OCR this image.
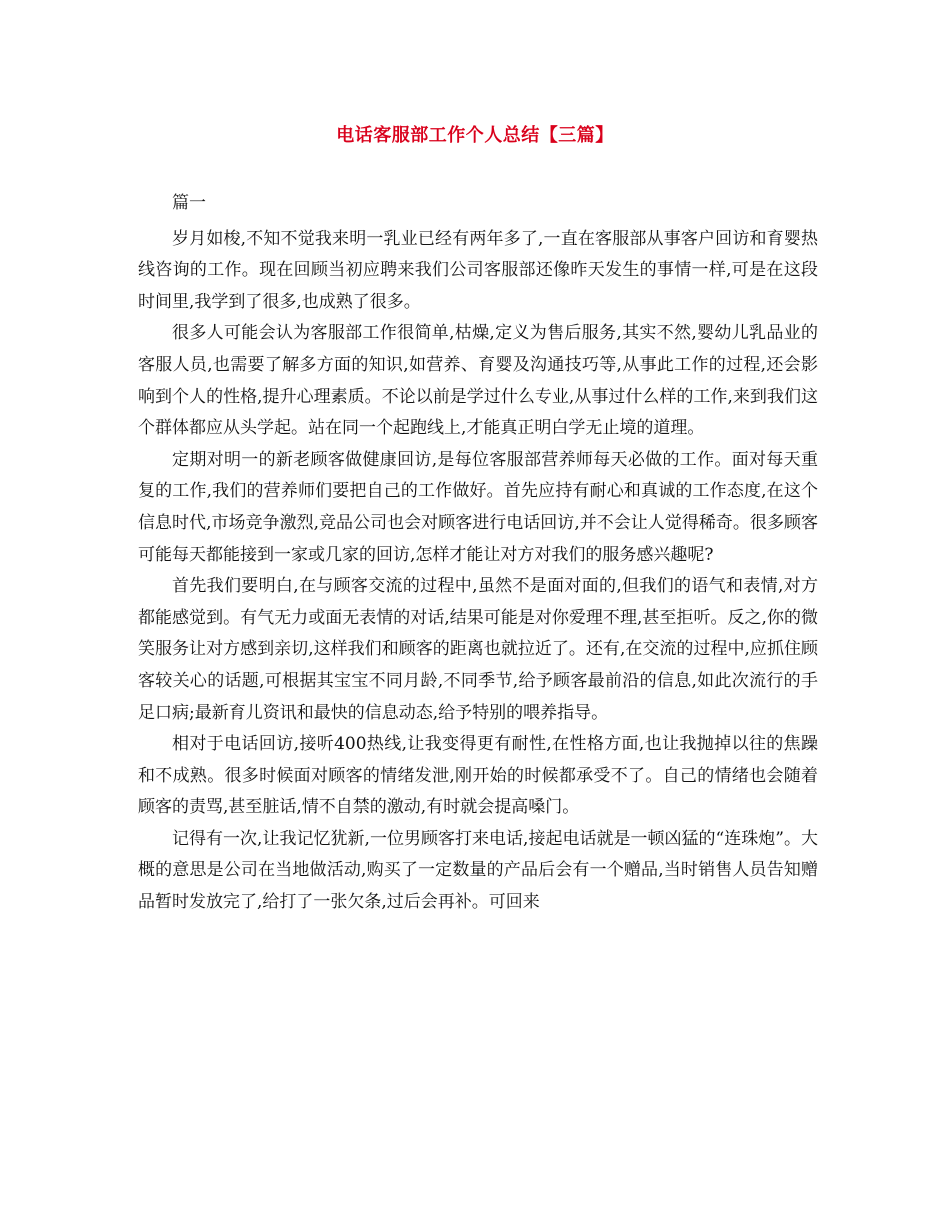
电话客服部工作个人总结【三篇】

篇一

岁月如梭,不知不觉我来明一乳业已经有两年多了,一直在客服部从事客户回访和育婴热线咨询的工作。现在回顾当初应聘来我们公司客服部还像昨天发生的事情一样,可是在这段时间里,我学到了很多,也成熟了很多。

很多人可能会认为客服部工作很简单,枯燥,定义为售后服务,其实不然,婴幼儿乳品业的客服人员,也需要了解多方面的知识,如营养、育婴及沟通技巧等,从事此工作的过程,还会影响到个人的性格,提升心理素质。不论以前是学过什么专业,从事过什么样的工作,来到我们这个群体都应从头学起。站在同一个起跑线上,才能真正明白学无止境的道理。

定期对明一的新老顾客做健康回访,是每位客服部营养师每天必做的工作。面对每天重复的工作,我们的营养师们要把自己的工作做好。首先应持有耐心和真诚的工作态度,在这个信息时代,市场竞争激烈,竞品公司也会对顾客进行电话回访,并不会让人觉得稀奇。很多顾客可能每天都能接到一家或几家的回访,怎样才能让对方对我们的服务感兴趣呢?

首先我们要明白,在与顾客交流的过程中,虽然不是面对面的,但我们的语气和表情,对方都能感觉到。有气无力或面无表情的对话,结果可能是对你爱理不理,甚至拒听。反之,你的微笑服务让对方感到亲切,这样我们和顾客的距离也就拉近了。还有,在交流的过程中,应抓住顾客较关心的话题,可根据其宝宝不同月龄,不同季节,给予顾客最前沿的信息,如此次流行的手足口病;最新育儿资讯和最快的信息动态,给予特别的喂养指导。

相对于电话回访,接听400热线,让我变得更有耐性,在性格方面,也让我抛掉以往的焦躁和不成熟。很多时候面对顾客的情绪发泄,刚开始的时候都承受不了。自己的情绪也会随着顾客的责骂,甚至脏话,情不自禁的激动,有时就会提高嗓门。

记得有一次,让我记忆犹新,一位男顾客打来电话,接起电话就是一顿凶猛的“连珠炮”。大概的意思是公司在当地做活动,购买了一定数量的产品后会有一个赠品,当时销售人员告知赠品暂时发放完了,给打了一张欠条,过后会再补。可回来
